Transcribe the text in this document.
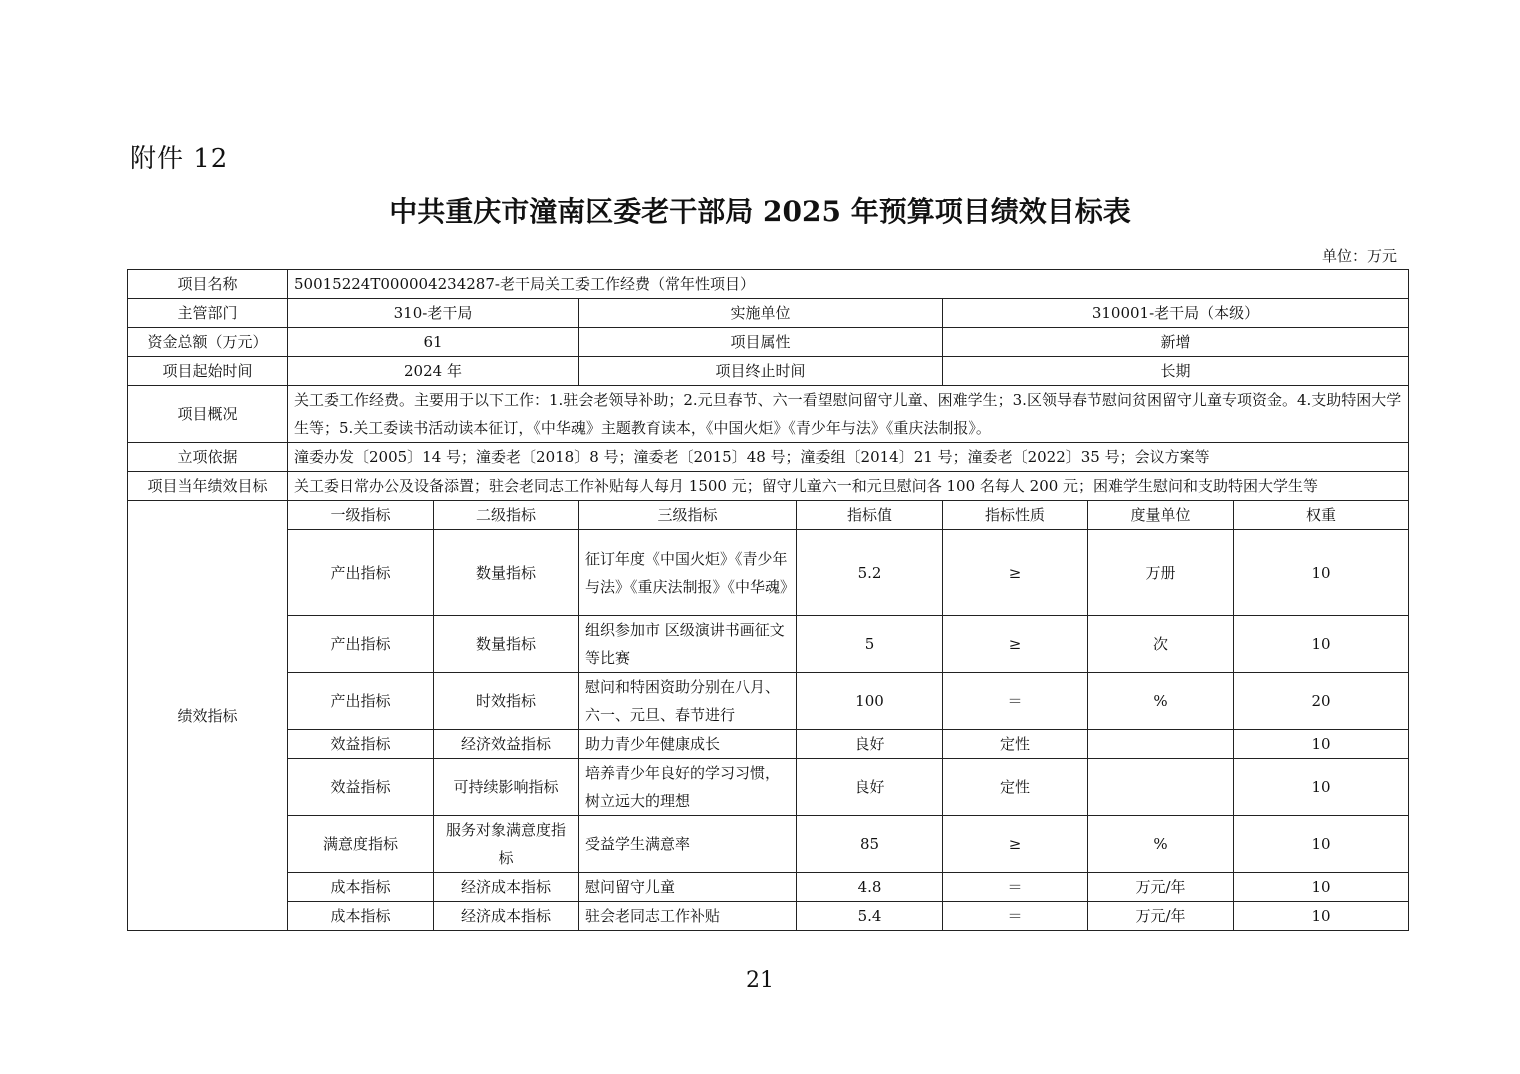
附件 12
中共重庆市潼南区委老干部局 2025 年预算项目绩效目标表
单位：万元
项目名称	50015224T000004234287-老干局关工委工作经费（常年性项目）						
主管部门	310-老干局		实施单位		310001-老干局（本级）		
资金总额（万元）	61		项目属性		新增		
项目起始时间	2024 年		项目终止时间		长期		
项目概况	关工委工作经费。主要用于以下工作：1.驻会老领导补助；2.元旦春节、六一看望慰问留守儿童、困难学生；3.区领导春节慰问贫困留守儿童专项资金。4.支助特困大学生等；5.关工委读书活动读本征订，《中华魂》主题教育读本，《中国火炬》《青少年与法》《重庆法制报》。						
立项依据	潼委办发〔2005〕14 号；潼委老〔2018〕8 号；潼委老〔2015〕48 号；潼委组〔2014〕21 号；潼委老〔2022〕35 号；会议方案等						
项目当年绩效目标	关工委日常办公及设备添置；驻会老同志工作补贴每人每月 1500 元；留守儿童六一和元旦慰问各 100 名每人 200 元；困难学生慰问和支助特困大学生等						
绩效指标	一级指标	二级指标	三级指标	指标值	指标性质	度量单位	权重
	产出指标	数量指标	征订年度《中国火炬》《青少年与法》《重庆法制报》《中华魂》	5.2	≥	万册	10
	产出指标	数量指标	组织参加市 区级演讲书画征文等比赛	5	≥	次	10
	产出指标	时效指标	慰问和特困资助分别在八月、六一、元旦、春节进行	100	＝	%	20
	效益指标	经济效益指标	助力青少年健康成长	良好	定性		10
	效益指标	可持续影响指标	培养青少年良好的学习习惯，树立远大的理想	良好	定性		10
	满意度指标	服务对象满意度指标	受益学生满意率	85	≥	%	10
	成本指标	经济成本指标	慰问留守儿童	4.8	＝	万元/年	10
	成本指标	经济成本指标	驻会老同志工作补贴	5.4	＝	万元/年	10
21
